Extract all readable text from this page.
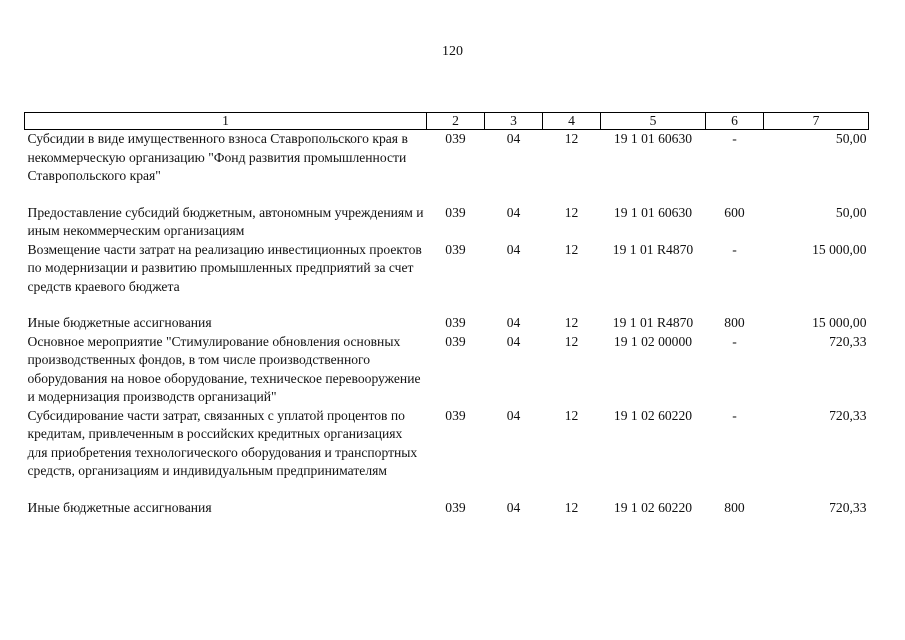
120
1	2	3	4	5	6	7
Субсидии в виде имущественного взноса Ставропольского края в некоммерческую организацию "Фонд развития промышленности Ставропольского края"	039	04	12	19 1 01 60630	-	50,00
Предоставление субсидий бюджетным, автономным учреждениям и иным некоммерческим организациям	039	04	12	19 1 01 60630	600	50,00
Возмещение части затрат на реализацию инвестиционных проектов по модернизации и развитию промышленных предприятий за счет средств краевого бюджета	039	04	12	19 1 01 R4870	-	15 000,00
Иные бюджетные ассигнования	039	04	12	19 1 01 R4870	800	15 000,00
Основное мероприятие "Стимулирование обновления основных производственных фондов, в том числе производственного оборудования на новое оборудование, техническое перевооружение и модернизация производств организаций"	039	04	12	19 1 02 00000	-	720,33
Субсидирование части затрат, связанных с уплатой процентов по кредитам, привлеченным в российских кредитных организациях для приобретения технологического оборудования и транспортных средств, организациям и индивидуальным предпринимателям	039	04	12	19 1 02 60220	-	720,33
Иные бюджетные ассигнования	039	04	12	19 1 02 60220	800	720,33
